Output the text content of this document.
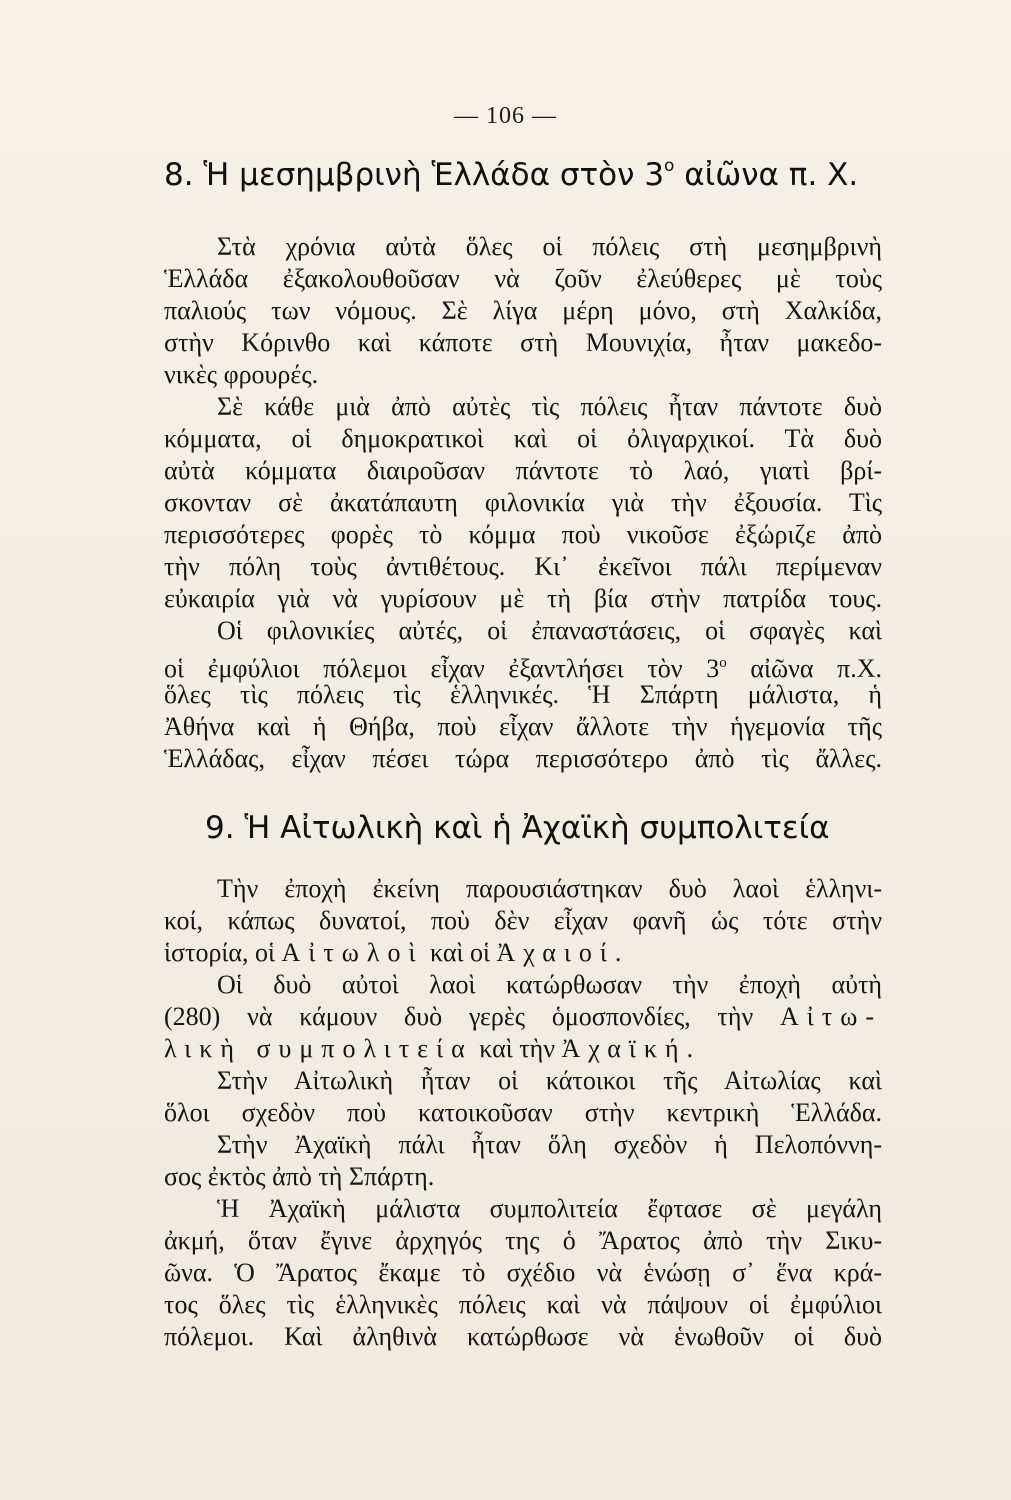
— 106 —
8. Ἡ μεσημβρινὴ Ἑλλάδα στὸν $3^o$ αἰῶνα π. Χ.
Στὰ χρόνια αὐτὰ ὅλες οἱ πόλεις στὴ μεσημβρινὴ
Ἑλλάδα ἐξακολουθοῦσαν νὰ ζοῦν ἐλεύθερες μὲ τοὺς
παλιούς των νόμους. Σὲ λίγα μέρη μόνο, στὴ Χαλκίδα,
στὴν Κόρινθο καὶ κάποτε στὴ Μουνιχία, ἦταν μακεδο-
νικὲς φρουρές.
Σὲ κάθε μιὰ ἀπὸ αὐτὲς τὶς πόλεις ἦταν πάντοτε δυὸ
κόμματα, οἱ δημοκρατικοὶ καὶ οἱ ὀλιγαρχικοί. Τὰ δυὸ
αὐτὰ κόμματα διαιροῦσαν πάντοτε τὸ λαό, γιατὶ βρί-
σκονταν σὲ ἀκατάπαυτη φιλονικία γιὰ τὴν ἐξουσία. Τὶς
περισσότερες φορὲς τὸ κόμμα ποὺ νικοῦσε ἐξώριζε ἀπὸ
τὴν πόλη τοὺς ἀντιθέτους. Κι᾽ ἐκεῖνοι πάλι περίμεναν
εὐκαιρία γιὰ νὰ γυρίσουν μὲ τὴ βία στὴν πατρίδα τους.
Οἱ φιλονικίες αὐτές, οἱ ἐπαναστάσεις, οἱ σφαγὲς καὶ
οἱ ἐμφύλιοι πόλεμοι εἶχαν ἐξαντλήσει τὸν $3^o$ αἰῶνα π.Χ.
ὅλες τὶς πόλεις τὶς ἑλληνικές. Ἡ Σπάρτη μάλιστα, ἡ
Ἀθήνα καὶ ἡ Θήβα, ποὺ εἶχαν ἄλλοτε τὴν ἡγεμονία τῆς
Ἑλλάδας, εἶχαν πέσει τώρα περισσότερο ἀπὸ τὶς ἄλλες.
9. Ἡ Αἰτωλικὴ καὶ ἡ Ἀχαϊκὴ συμπολιτεία
Τὴν ἐποχὴ ἐκείνη παρουσιάστηκαν δυὸ λαοὶ ἑλληνι-
κοί, κάπως δυνατοί, ποὺ δὲν εἶχαν φανῆ ὡς τότε στὴν
ἱστορία, οἱ Αἰτωλοὶ καὶ οἱ Ἀχαιοί.
Οἱ δυὸ αὐτοὶ λαοὶ κατώρθωσαν τὴν ἐποχὴ αὐτὴ
(280) νὰ κάμουν δυὸ γερὲς ὁμοσπονδίες, τὴν Αἰτω-
λικὴ συμπολιτεία καὶ τὴν Ἀχαϊκή.
Στὴν Αἰτωλικὴ ἦταν οἱ κάτοικοι τῆς Αἰτωλίας καὶ
ὅλοι σχεδὸν ποὺ κατοικοῦσαν στὴν κεντρικὴ Ἑλλάδα.
Στὴν Ἀχαϊκὴ πάλι ἦταν ὅλη σχεδὸν ἡ Πελοπόννη-
σος ἐκτὸς ἀπὸ τὴ Σπάρτη.
Ἡ Ἀχαϊκὴ μάλιστα συμπολιτεία ἔφτασε σὲ μεγάλη
ἀκμή, ὅταν ἔγινε ἀρχηγός της ὁ Ἄρατος ἀπὸ τὴν Σικυ-
ῶνα. Ὁ Ἄρατος ἔκαμε τὸ σχέδιο νὰ ἑνώσῃ σ᾽ ἕνα κρά-
τος ὅλες τὶς ἑλληνικὲς πόλεις καὶ νὰ πάψουν οἱ ἐμφύλιοι
πόλεμοι. Καὶ ἀληθινὰ κατώρθωσε νὰ ἑνωθοῦν οἱ δυὸ
